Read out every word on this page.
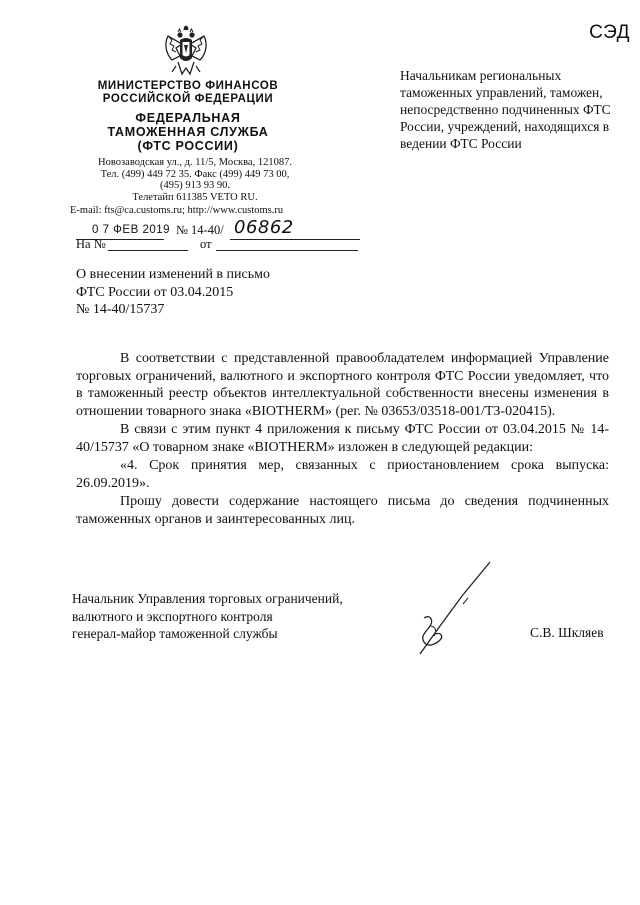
СЭД
МИНИСТЕРСТВО ФИНАНСОВ
РОССИЙСКОЙ ФЕДЕРАЦИИ
ФЕДЕРАЛЬНАЯ
ТАМОЖЕННАЯ СЛУЖБА
(ФТС РОССИИ)
Новозаводская ул., д. 11/5, Москва, 121087.
Тел. (499) 449 72 35. Факс (499) 449 73 00,
(495) 913 93 90.
Телетайп 611385 VETO RU.
E-mail: fts@ca.customs.ru; http://www.customs.ru
Начальникам региональных таможенных управлений, таможен, непосредственно подчиненных ФТС России, учреждений, находящихся в ведении ФТС России
0 7 ФЕВ 2019 № 14-40/ 06862
На №	от
О внесении изменений в письмо
ФТС России от 03.04.2015
№ 14-40/15737

В соответствии с представленной правообладателем информацией Управление торговых ограничений, валютного и экспортного контроля ФТС России уведомляет, что в таможенный реестр объектов интеллектуальной собственности внесены изменения в отношении товарного знака «BIOTHERM» (рег. № 03653/03518-001/ТЗ-020415).

В связи с этим пункт 4 приложения к письму ФТС России от 03.04.2015 № 14-40/15737 «О товарном знаке «BIOTHERM» изложен в следующей редакции:

«4. Срок принятия мер, связанных с приостановлением срока выпуска: 26.09.2019».

Прошу довести содержание настоящего письма до сведения подчиненных таможенных органов и заинтересованных лиц.

Начальник Управления торговых ограничений,
валютного и экспортного контроля
генерал-майор таможенной службы	С.В. Шкляев
